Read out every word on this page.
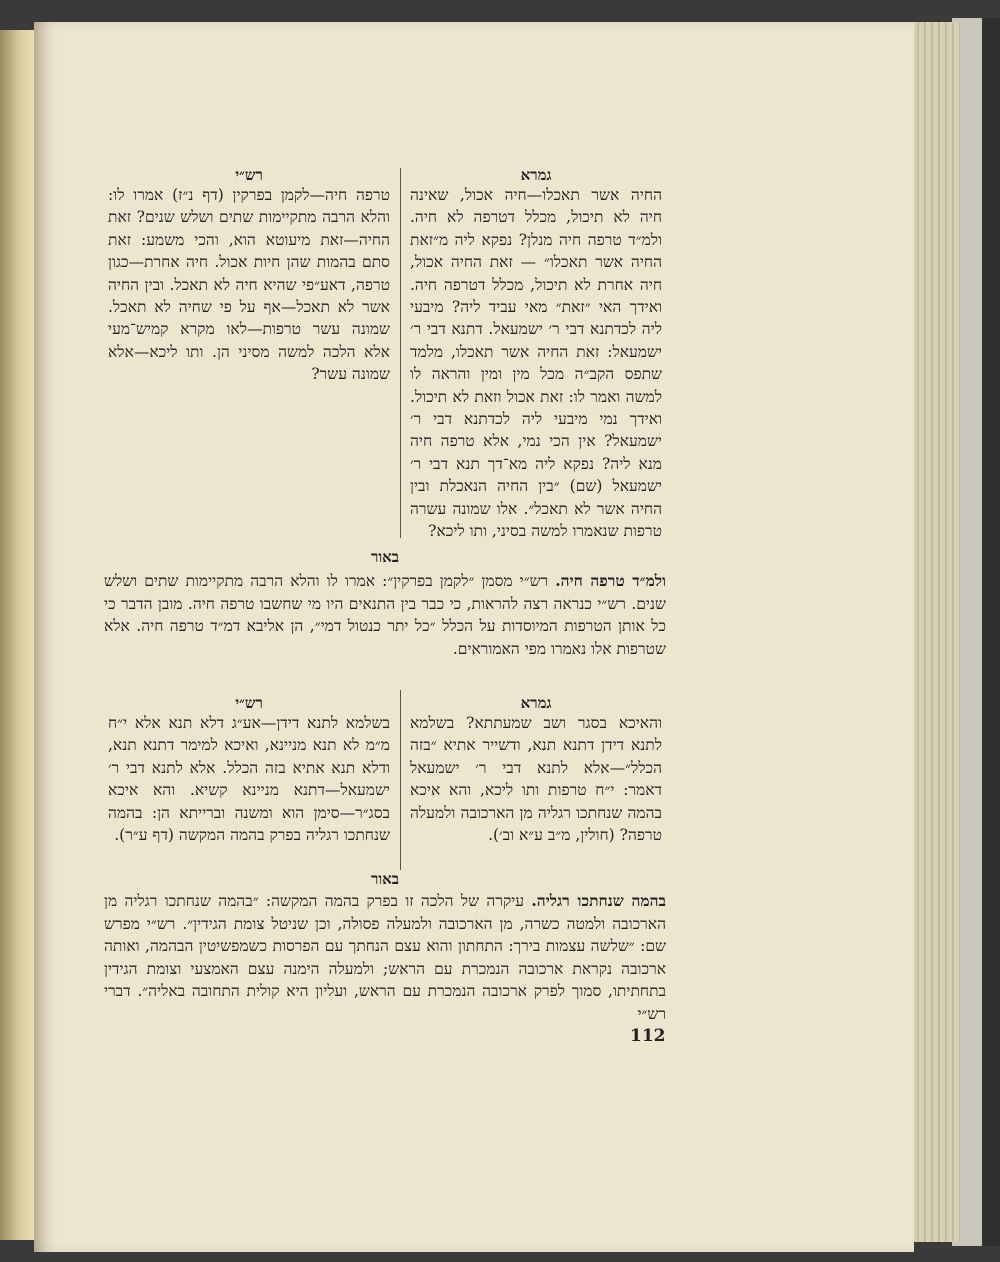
גמרא
החיה אשר תאכלו—חיה אכול, שאינה חיה לא תיכול, מכלל דטרפה לא חיה. ולמ״ד טרפה חיה מנלן? נפקא ליה מ״זאת החיה אשר תאכלו״ — זאת החיה אכול, חיה אחרת לא תיכול, מכלל דטרפה חיה. ואידך האי ״זאת״ מאי עביד ליה? מיבעי ליה לכדתנא דבי ר׳ ישמעאל. דתנא דבי ר׳ ישמעאל: זאת החיה אשר תאכלו, מלמד שתפס הקב״ה מכל מין ומין והראה לו למשה ואמר לו: זאת אכול וזאת לא תיכול. ואידך נמי מיבעי ליה לכדתנא דבי ר׳ ישמעאל? אין הכי נמי, אלא טרפה חיה מנא ליה? נפקא ליה מא־דך תנא דבי ר׳ ישמעאל (שם) ״בין החיה הנאכלת ובין החיה אשר לא תאכל״. אלו שמונה עשרה טרפות שנאמרו למשה בסיני, ותו ליכא?
רש״י
טרפה חיה—לקמן בפרקין (דף נ״ז) אמרו לו: והלא הרבה מתקיימות שתים ושלש שנים? זאת החיה—זאת מיעוטא הוא, והכי משמע: זאת סתם בהמות שהן חיות אכול. חיה אחרת—כגון טרפה, דאע״פי שהיא חיה לא תאכל. ובין החיה אשר לא תאכל—אף על פי שחיה לא תאכל. שמונה עשר טרפות—לאו מקרא קמיש־מעי אלא הלכה למשה מסיני הן. ותו ליכא—אלא שמונה עשר?
באור
ולמ״ד טרפה חיה. רש״י מסמן ״לקמן בפרקין״: אמרו לו והלא הרבה מתקיימות שתים ושלש שנים. רש״י כנראה רצה להראות, כי כבר בין התנאים היו מי שחשבו טרפה חיה. מובן הדבר כי כל אותן הטרפות המיוסדות על הכלל ״כל יתר כנטול דמי״, הן אליבא דמ״ד טרפה חיה. אלא שטרפות אלו נאמרו מפי האמוראים.
גמרא
והאיכא בסגר ושב שמעתתא? בשלמא לתנא דידן דתנא תנא, ודשייר אתיא ״בזה הכלל״—אלא לתנא דבי ר׳ ישמעאל דאמר: י״ח טרפות ותו ליכא, והא איכא בהמה שנחתכו רגליה מן הארכובה ולמעלה טרפה? (חולין, מ״ב ע״א וב׳).
רש״י
בשלמא לתנא דידן—אע״ג דלא תנא אלא י״ח מ״מ לא תנא מניינא, ואיכא למימר דתנא תנא, ודלא תנא אתיא בזה הכלל. אלא לתנא דבי ר׳ ישמעאל—דתנא מניינא קשיא. והא איכא בסג״ר—סימן הוא ומשנה וברייתא הן: בהמה שנחתכו רגליה בפרק בהמה המקשה (דף ע״ר).
באור
בהמה שנחתכו רגליה. עיקרה של הלכה זו בפרק בהמה המקשה: ״בהמה שנחתכו רגליה מן הארכובה ולמטה כשרה, מן הארכובה ולמעלה פסולה, וכן שניטל צומת הגידין״. רש״י מפרש שם: ״שלשה עצמות בירך: התחתון והוא עצם הנחתך עם הפרסות כשמפשיטין הבהמה, ואותה ארכובה נקראת ארכובה הנמכרת עם הראש; ולמעלה הימנה עצם האמצעי וצומת הגידין בתחתיתו, סמוך לפרק ארכובה הנמכרת עם הראש, ועליון היא קולית התחובה באליה״. דברי רש״י
112
